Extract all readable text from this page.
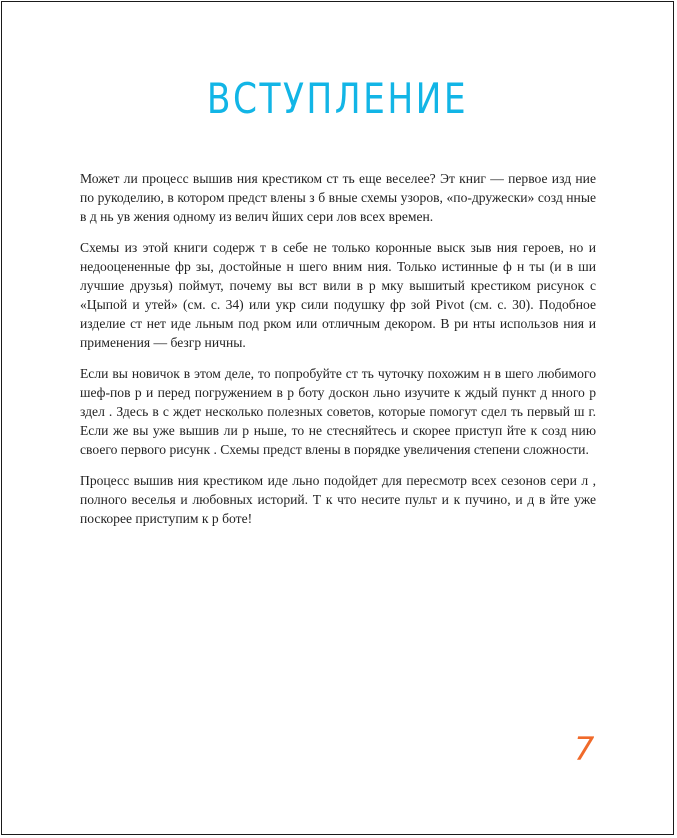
ВСТУПЛЕНИЕ

Может ли процесс вышив ния крестиком ст ть еще веселее? Эт книг — первое изд ние по рукоделию, в котором предст влены з б вные схемы узоров, «по-дружески» созд нные в д нь ув жения одному из велич йших сери лов всех времен.

Схемы из этой книги содерж т в себе не только коронные выск зыв ния героев, но и недооцененные фр зы, достойные н шего вним ния. Только истинные ф н ты (и в ши лучшие друзья) поймут, почему вы вст вили в р мку вышитый крестиком рисунок с «Цыпой и утей» (см. с. 34) или укр сили подушку фр зой Pivot (см. с. 30). Подобное изделие ст нет иде льным под рком или отличным декором. В ри нты использов ния и применения — безгр ничны.

Если вы новичок в этом деле, то попробуйте ст ть чуточку похожим н в шего любимого шеф-пов р и перед погружением в р боту доскон льно изучите к ждый пункт д нного р здел . Здесь в с ждет несколько полезных советов, которые помогут сдел ть первый ш г. Если же вы уже вышив ли р ньше, то не стесняйтесь и скорее приступ йте к созд нию своего первого рисунк . Схемы предст влены в порядке увеличения степени сложности.

Процесс вышив ния крестиком иде льно подойдет для пересмотр всех сезонов сери л , полного веселья и любовных историй. Т к что несите пульт и к пучино, и д в йте уже поскорее приступим к р боте!

7
